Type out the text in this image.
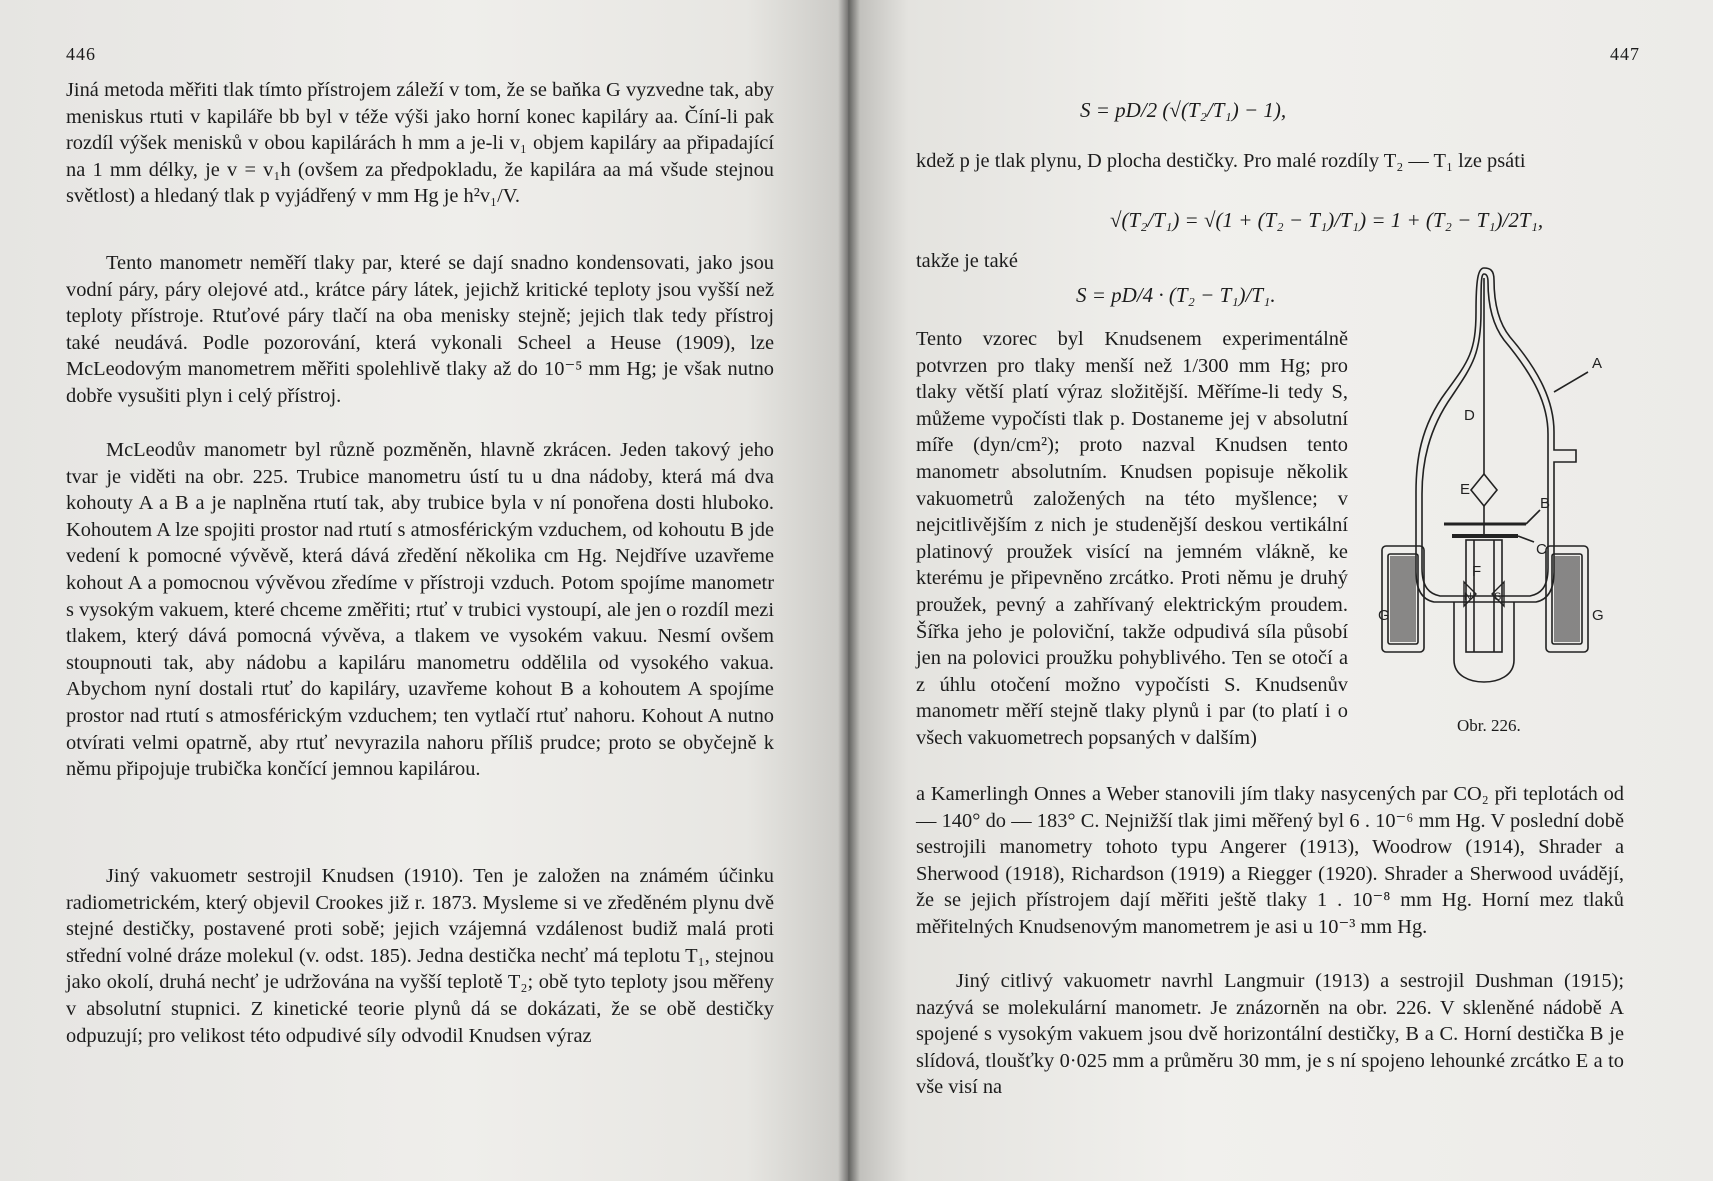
446

Jiná metoda měřiti tlak tímto přístrojem záleží v tom, že se baňka G vyzvedne tak, aby meniskus rtuti v kapiláře bb byl v téže výši jako horní konec kapiláry aa. Číní-li pak rozdíl výšek menisků v obou kapilárách h mm a je-li v₁ objem kapiláry aa připadající na 1 mm délky, je v = v₁h (ovšem za předpokladu, že kapilára aa má všude stejnou světlost) a hledaný tlak p vyjádřený v mm Hg je h²v₁/V.

Tento manometr neměří tlaky par, které se dají snadno kondensovati, jako jsou vodní páry, páry olejové atd., krátce páry látek, jejichž kritické teploty jsou vyšší než teploty přístroje. Rtuťové páry tlačí na oba menisky stejně; jejich tlak tedy přístroj také neudává. Podle pozorování, která vykonali Scheel a Heuse (1909), lze McLeodovým manometrem měřiti spolehlivě tlaky až do 10⁻⁵ mm Hg; je však nutno dobře vysušiti plyn i celý přístroj.

McLeodův manometr byl různě pozměněn, hlavně zkrácen. Jeden takový jeho tvar je viděti na obr. 225. Trubice manometru ústí tu u dna nádoby, která má dva kohouty A a B a je naplněna rtutí tak, aby trubice byla v ní ponořena dosti hluboko. Kohoutem A lze spojiti prostor nad rtutí s atmosférickým vzduchem, od kohoutu B jde vedení k pomocné vývěvě, která dává zředění několika cm Hg. Nejdříve uzavřeme kohout A a pomocnou vývěvou zředíme v přístroji vzduch. Potom spojíme manometr s vysokým vakuem, které chceme změřiti; rtuť v trubici vystoupí, ale jen o rozdíl mezi tlakem, který dává pomocná vývěva, a tlakem ve vysokém vakuu. Nesmí ovšem stoupnouti tak, aby nádobu a kapiláru manometru oddělila od vysokého vakua. Abychom nyní dostali rtuť do kapiláry, uzavřeme kohout B a kohoutem A spojíme prostor nad rtutí s atmosférickým vzduchem; ten vytlačí rtuť nahoru. Kohout A nutno otvírati velmi opatrně, aby rtuť nevyrazila nahoru příliš prudce; proto se obyčejně k němu připojuje trubička končící jemnou kapilárou.

Jiný vakuometr sestrojil Knudsen (1910). Ten je založen na známém účinku radiometrickém, který objevil Crookes již r. 1873. Mysleme si ve zředěném plynu dvě stejné destičky, postavené proti sobě; jejich vzájemná vzdálenost budiž malá proti střední volné dráze molekul (v. odst. 185). Jedna destička nechť má teplotu T₁, stejnou jako okolí, druhá nechť je udržována na vyšší teplotě T₂; obě tyto teploty jsou měřeny v absolutní stupnici. Z kinetické teorie plynů dá se dokázati, že se obě destičky odpuzují; pro velikost této odpudivé síly odvodil Knudsen výraz

447
S = pD/2 (√(T₂/T₁) − 1),

kdež p je tlak plynu, D plocha destičky. Pro malé rozdíly T₂ — T₁ lze psáti

√(T₂/T₁) = √(1 + (T₂ − T₁)/T₁) = 1 + (T₂ − T₁)/2T₁,

takže je také

S = pD/4 · (T₂ − T₁)/T₁.

Tento vzorec byl Knudsenem experimentálně potvrzen pro tlaky menší než 1/300 mm Hg; pro tlaky větší platí výraz složitější. Měříme-li tedy S, můžeme vypočísti tlak p. Dostaneme jej v absolutní míře (dyn/cm²); proto nazval Knudsen tento manometr absolutním. Knudsen popisuje několik vakuometrů založených na této myšlence; v nejcitlivějším z nich je studenější deskou vertikální platinový proužek visící na jemném vlákně, ke kterému je připevněno zrcátko. Proti němu je druhý proužek, pevný a zahřívaný elektrickým proudem. Šířka jeho je poloviční, takže odpudivá síla působí jen na polovici proužku pohyblivého. Ten se otočí a z úhlu otočení možno vypočísti S. Knudsenův manometr měří stejně tlaky plynů i par (to platí i o všech vakuometrech popsaných v dalším)

a Kamerlingh Onnes a Weber stanovili jím tlaky nasycených par CO₂ při teplotách od — 140° do — 183° C. Nejnižší tlak jimi měřený byl 6 . 10⁻⁶ mm Hg. V poslední době sestrojili manometry tohoto typu Angerer (1913), Woodrow (1914), Shrader a Sherwood (1918), Richardson (1919) a Riegger (1920). Shrader a Sherwood uvádějí, že se jejich přístrojem dají měřiti ještě tlaky 1 . 10⁻⁸ mm Hg. Horní mez tlaků měřitelných Knudsenovým manometrem je asi u 10⁻³ mm Hg.

Jiný citlivý vakuometr navrhl Langmuir (1913) a sestrojil Dushman (1915); nazývá se molekulární manometr. Je znázorněn na obr. 226. V skleněné nádobě A spojené s vysokým vakuem jsou dvě horizontální destičky, B a C. Horní destička B je slídová, tloušťky 0·025 mm a průměru 30 mm, je s ní spojeno lehounké zrcátko E a to vše visí na

A
B
C
D
E
F
G	G
N S
Obr. 226.
